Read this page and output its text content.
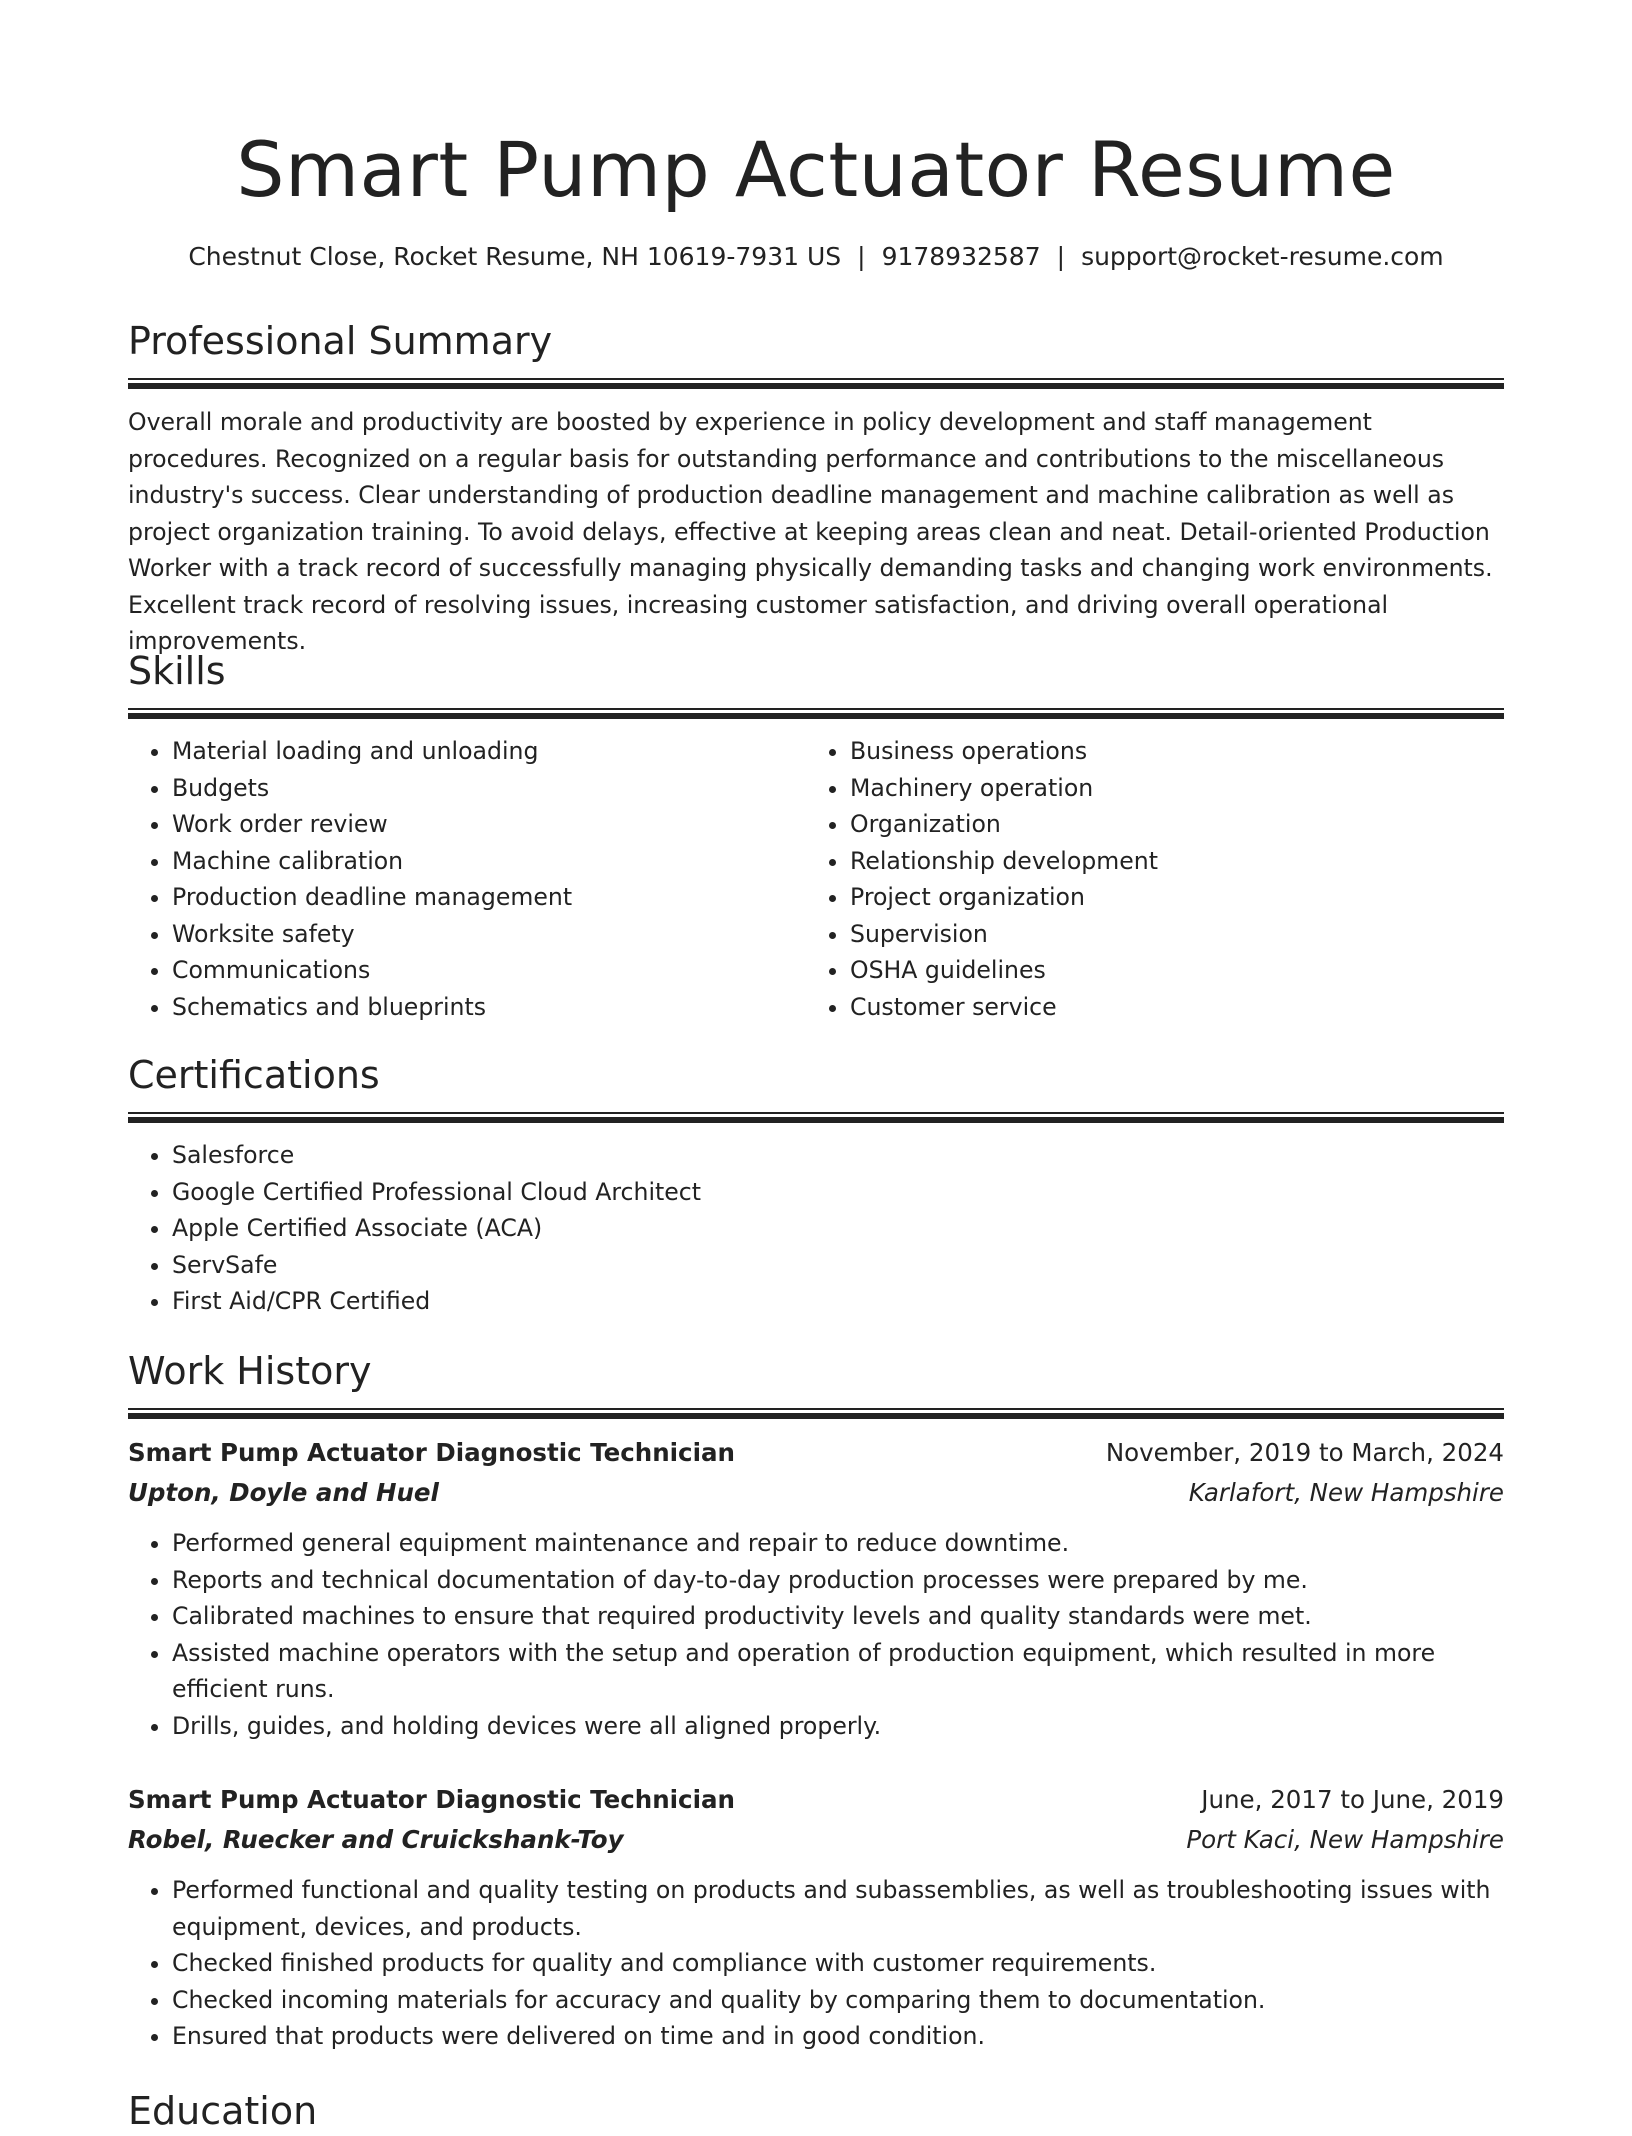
Smart Pump Actuator Resume
Chestnut Close, Rocket Resume, NH 10619-7931 US | 9178932587 | support@rocket-resume.com
Professional Summary
Overall morale and productivity are boosted by experience in policy development and staff management procedures. Recognized on a regular basis for outstanding performance and contributions to the miscellaneous industry's success. Clear understanding of production deadline management and machine calibration as well as project organization training. To avoid delays, effective at keeping areas clean and neat. Detail-oriented Production Worker with a track record of successfully managing physically demanding tasks and changing work environments. Excellent track record of resolving issues, increasing customer satisfaction, and driving overall operational improvements.
Skills
• Material loading and unloading
• Budgets
• Work order review
• Machine calibration
• Production deadline management
• Worksite safety
• Communications
• Schematics and blueprints
• Business operations
• Machinery operation
• Organization
• Relationship development
• Project organization
• Supervision
• OSHA guidelines
• Customer service
Certifications
• Salesforce
• Google Certified Professional Cloud Architect
• Apple Certified Associate (ACA)
• ServSafe
• First Aid/CPR Certified
Work History
Smart Pump Actuator Diagnostic Technician	November, 2019 to March, 2024
Upton, Doyle and Huel	Karlafort, New Hampshire
• Performed general equipment maintenance and repair to reduce downtime.
• Reports and technical documentation of day-to-day production processes were prepared by me.
• Calibrated machines to ensure that required productivity levels and quality standards were met.
• Assisted machine operators with the setup and operation of production equipment, which resulted in more efficient runs.
• Drills, guides, and holding devices were all aligned properly.
Smart Pump Actuator Diagnostic Technician	June, 2017 to June, 2019
Robel, Ruecker and Cruickshank-Toy	Port Kaci, New Hampshire
• Performed functional and quality testing on products and subassemblies, as well as troubleshooting issues with equipment, devices, and products.
• Checked finished products for quality and compliance with customer requirements.
• Checked incoming materials for accuracy and quality by comparing them to documentation.
• Ensured that products were delivered on time and in good condition.
Education
